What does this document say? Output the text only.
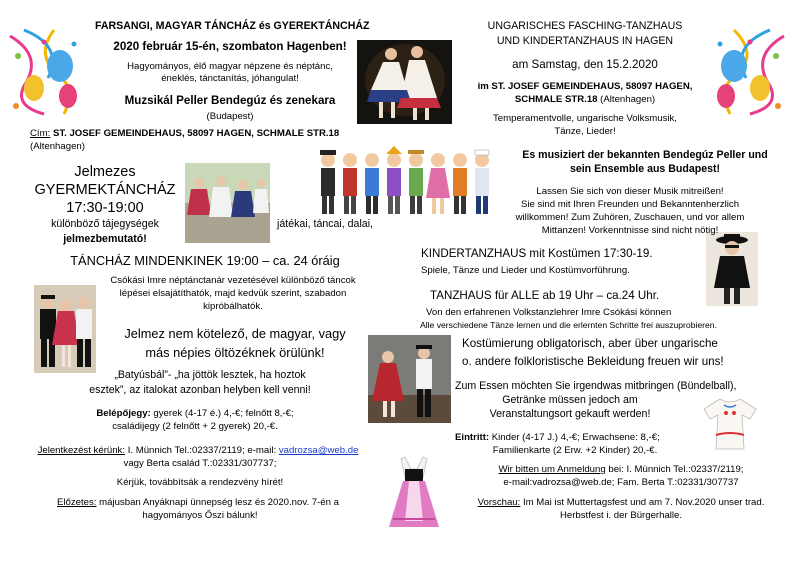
FARSANGI, MAGYAR TÁNCHÁZ és GYEREKTÁNCHÁZ
2020 február 15-én, szombaton Hagenben!
Hagyományos, élő magyar népzene és néptánc,
éneklés, tánctanítás, jóhangulat!
Muzsikál Peller Bendegúz és zenekara
(Budapest)
Cím: ST. JOSEF GEMEINDEHAUS, 58097 HAGEN, SCHMALE STR.18
(Altenhagen)
Jelmezes
GYERMEKTÁNCHÁZ
17:30-19:00
különböző tájegységek	játékai, táncai, dalai,
jelmezbemutató!
TÁNCHÁZ MINDENKINEK 19:00 – ca. 24 óráig
Csókási Imre néptánctanár vezetésével különböző táncok
lépései elsajátíthatók, majd kedvük szerint, szabadon
kipróbálhatók.
Jelmez nem kötelező, de magyar, vagy
más népies öltözéknek örülünk!
„Batyúsbál”- „ha jöttök lesztek, ha hoztok
esztek”, az italokat azonban helyben kell venni!
Belépőjegy: gyerek (4-17 é.) 4,-€; felnőtt 8,-€;
családijegy (2 felnőtt + 2 gyerek) 20,-€.
Jelentkezést kérünk: I. Münnich Tel.:02337/2119; e-mail: vadrozsa@web.de
vagy Berta család T.:02331/307737;
Kérjük, továbbítsák a rendezvény hírét!
Előzetes: májusban Anyáknapi ünnepség lesz és 2020.nov. 7-én a
hagyományos Őszi bálunk!
UNGARISCHES FASCHING-TANZHAUS
UND KINDERTANZHAUS IN HAGEN
am Samstag, den 15.2.2020
im ST. JOSEF GEMEINDEHAUS, 58097 HAGEN,
SCHMALE STR.18 (Altenhagen)
Temperamentvolle, ungarische Volksmusik,
Tänze, Lieder!
Es musiziert der bekannten Bendegúz Peller und
sein Ensemble aus Budapest!
Lassen Sie sich von dieser Musik mitreißen!
Sie sind mit Ihren Freunden und Bekanntenherzlich
willkommen! Zum Zuhören, Zuschauen, und vor allem
Mittanzen! Vorkenntnisse sind nicht nötig!
KINDERTANZHAUS mit Kostümen 17:30-19.
Spiele, Tänze und Lieder und Kostümvorführung.
TANZHAUS für ALLE ab 19 Uhr – ca.24 Uhr.
Von den erfahrenen Volkstanzlehrer Imre Csókási können
Alle verschiedene Tänze lernen und die erlernten Schritte frei auszuprobieren.
Kostümierung obligatorisch, aber über ungarische
o. andere folkloristische Bekleidung freuen wir uns!
Zum Essen möchten Sie irgendwas mitbringen (Bündelball),
Getränke müssen jedoch am
Veranstaltungsort gekauft werden!
Eintritt: Kinder (4-17 J.) 4,-€; Erwachsene: 8,-€;
Familienkarte (2 Erw. +2 Kinder) 20,-€.
Wir bitten um Anmeldung bei: I. Münnich Tel.:02337/2119;
e-mail:vadrozsa@web.de; Fam. Berta T.:02331/307737
Vorschau: Im Mai ist Muttertagsfest und am 7. Nov.2020 unser trad.
Herbstfest i. der Bürgerhalle.
